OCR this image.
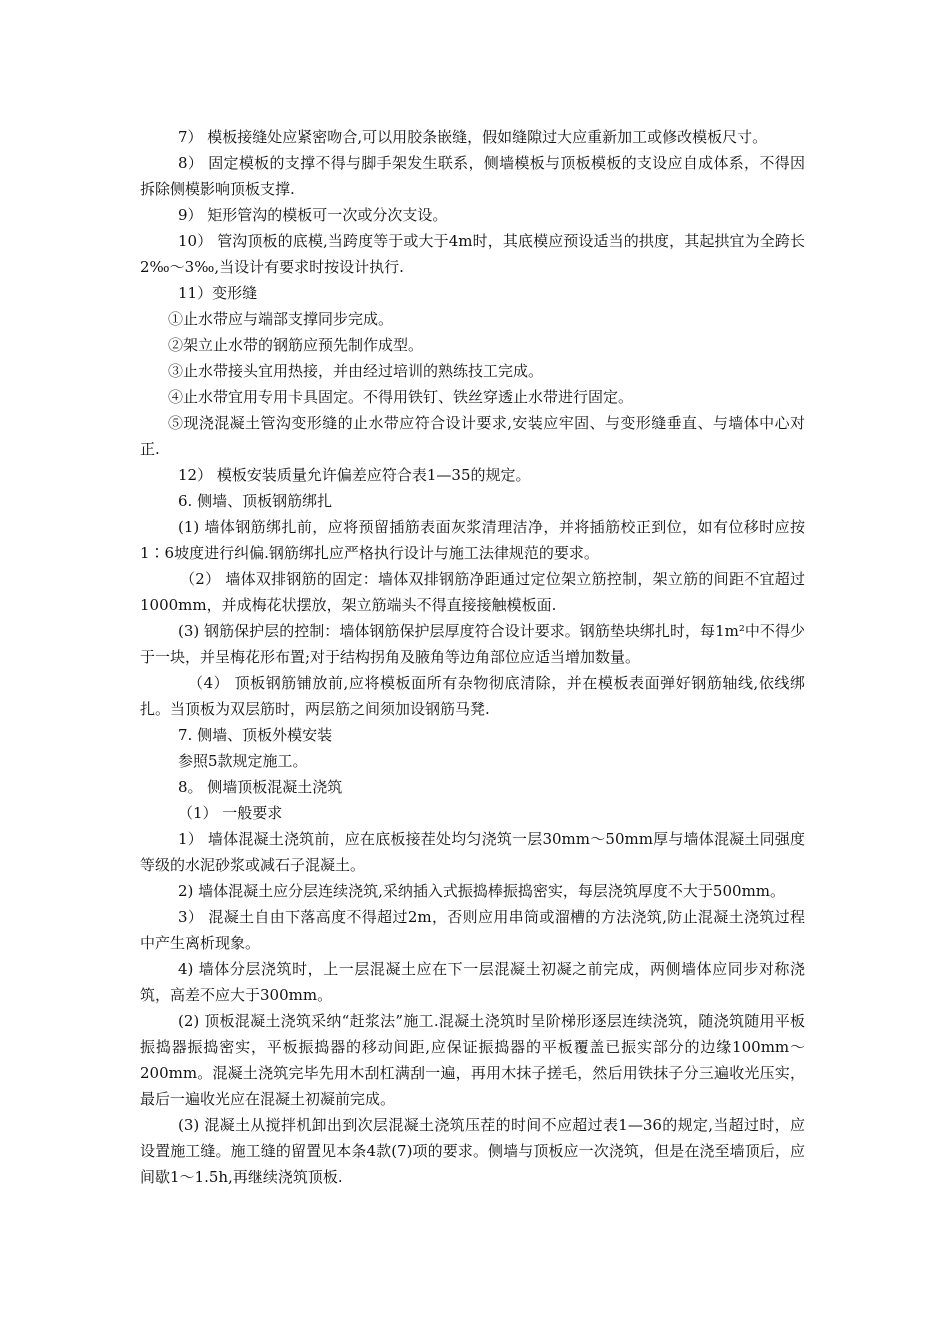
7） 模板接缝处应紧密吻合,可以用胶条嵌缝，假如缝隙过大应重新加工或修改模板尺寸。

8） 固定模板的支撑不得与脚手架发生联系，侧墙模板与顶板模板的支设应自成体系，不得因拆除侧模影响顶板支撑.

9） 矩形管沟的模板可一次或分次支设。

10） 管沟顶板的底模,当跨度等于或大于4m时，其底模应预设适当的拱度，其起拱宜为全跨长2‰～3‰,当设计有要求时按设计执行.

11）变形缝

①止水带应与端部支撑同步完成。

②架立止水带的钢筋应预先制作成型。

③止水带接头宜用热接，并由经过培训的熟练技工完成。

④止水带宜用专用卡具固定。不得用铁钉、铁丝穿透止水带进行固定。

⑤现浇混凝土管沟变形缝的止水带应符合设计要求,安装应牢固、与变形缝垂直、与墙体中心对正.

12） 模板安装质量允许偏差应符合表1—35的规定。

6. 侧墙、顶板钢筋绑扎

(1) 墙体钢筋绑扎前，应将预留插筋表面灰浆清理洁净，并将插筋校正到位，如有位移时应按1∶6坡度进行纠偏.钢筋绑扎应严格执行设计与施工法律规范的要求。

（2） 墙体双排钢筋的固定：墙体双排钢筋净距通过定位架立筋控制，架立筋的间距不宜超过1000mm，并成梅花状摆放，架立筋端头不得直接接触模板面.

(3) 钢筋保护层的控制：墙体钢筋保护层厚度符合设计要求。钢筋垫块绑扎时，每1m²中不得少于一块，并呈梅花形布置;对于结构拐角及腋角等边角部位应适当增加数量。

（4） 顶板钢筋铺放前,应将模板面所有杂物彻底清除，并在模板表面弹好钢筋轴线,依线绑扎。当顶板为双层筋时，两层筋之间须加设钢筋马凳.

7. 侧墙、顶板外模安装

参照5款规定施工。

8。 侧墙顶板混凝土浇筑

（1） 一般要求

1） 墙体混凝土浇筑前，应在底板接茬处均匀浇筑一层30mm～50mm厚与墙体混凝土同强度等级的水泥砂浆或减石子混凝土。

2) 墙体混凝土应分层连续浇筑,采纳插入式振捣棒振捣密实，每层浇筑厚度不大于500mm。

3） 混凝土自由下落高度不得超过2m，否则应用串筒或溜槽的方法浇筑,防止混凝土浇筑过程中产生离析现象。

4) 墙体分层浇筑时，上一层混凝土应在下一层混凝土初凝之前完成，两侧墙体应同步对称浇筑，高差不应大于300mm。

(2) 顶板混凝土浇筑采纳“赶浆法”施工.混凝土浇筑时呈阶梯形逐层连续浇筑，随浇筑随用平板振捣器振捣密实，平板振捣器的移动间距,应保证振捣器的平板覆盖已振实部分的边缘100mm～200mm。混凝土浇筑完毕先用木刮杠满刮一遍，再用木抹子搓毛，然后用铁抹子分三遍收光压实，最后一遍收光应在混凝土初凝前完成。

(3) 混凝土从搅拌机卸出到次层混凝土浇筑压茬的时间不应超过表1—36的规定,当超过时，应设置施工缝。施工缝的留置见本条4款(7)项的要求。侧墙与顶板应一次浇筑，但是在浇至墙顶后，应间歇1～1.5h,再继续浇筑顶板.
